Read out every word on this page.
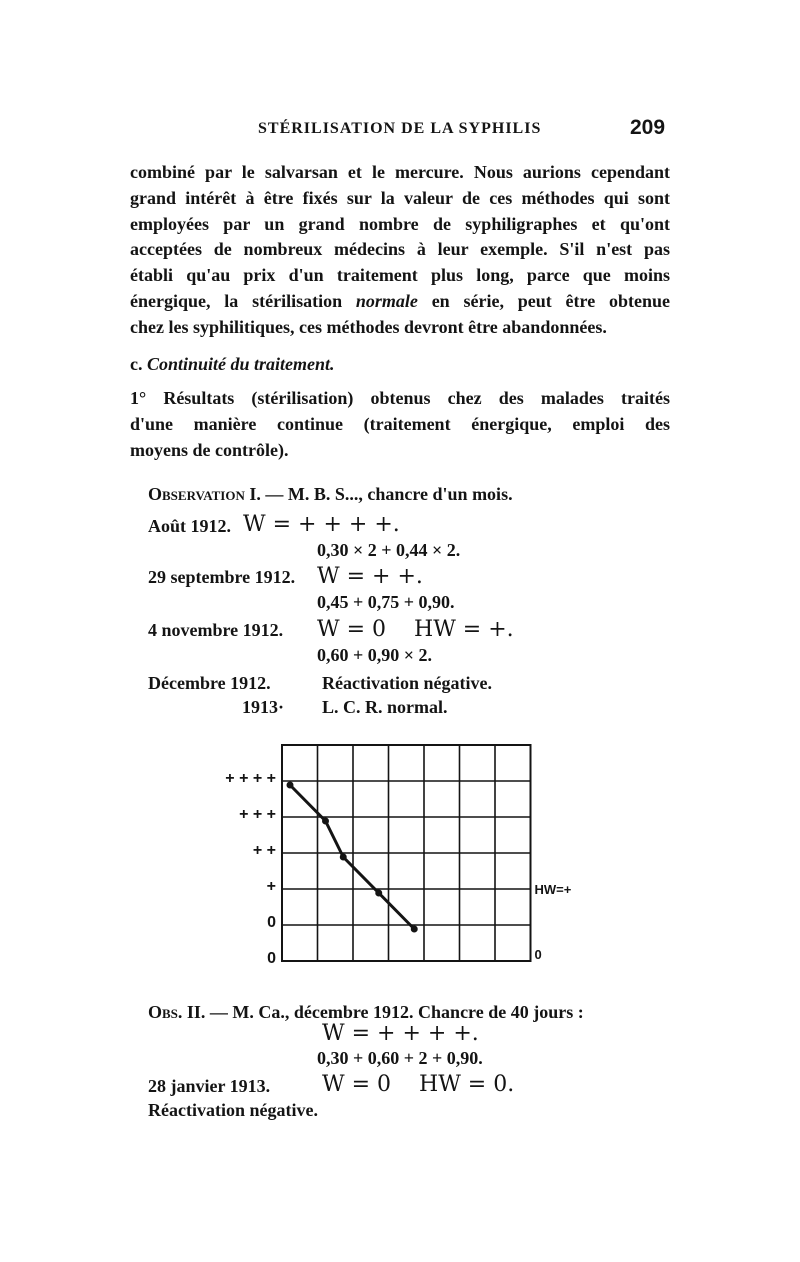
STÉRILISATION DE LA SYPHILIS	209
combiné par le salvarsan et le mercure. Nous aurions cependant
grand intérêt à être fixés sur la valeur de ces méthodes qui sont
employées par un grand nombre de syphiligraphes et qu'ont
acceptées de nombreux médecins à leur exemple. S'il n'est pas
établi qu'au prix d'un traitement plus long, parce que moins
énergique, la stérilisation normale en série, peut être obtenue
chez les syphilitiques, ces méthodes devront être abandonnées.
c. Continuité du traitement.
1° Résultats (stérilisation) obtenus chez des malades traités
d'une manière continue (traitement énergique, emploi des
moyens de contrôle).
Observation I. — M. B. S..., chancre d'un mois.
Août 1912. W = + + + +.
0,30 × 2 + 0,44 × 2.
29 septembre 1912. W = + +.
0,45 + 0,75 + 0,90.
4 novembre 1912. W = 0    HW = +.
0,60 + 0,90 × 2.
Décembre 1912.	Réactivation négative.
1913· L. C. R. normal.
+ + + +
+ + +
+ +
+
0
0
HW=+
0
Obs. II. — M. Ca., décembre 1912. Chancre de 40 jours :
W = + + + +.
0,30 + 0,60 + 2 + 0,90.
28 janvier 1913. W = 0    HW = 0.
Réactivation négative.
